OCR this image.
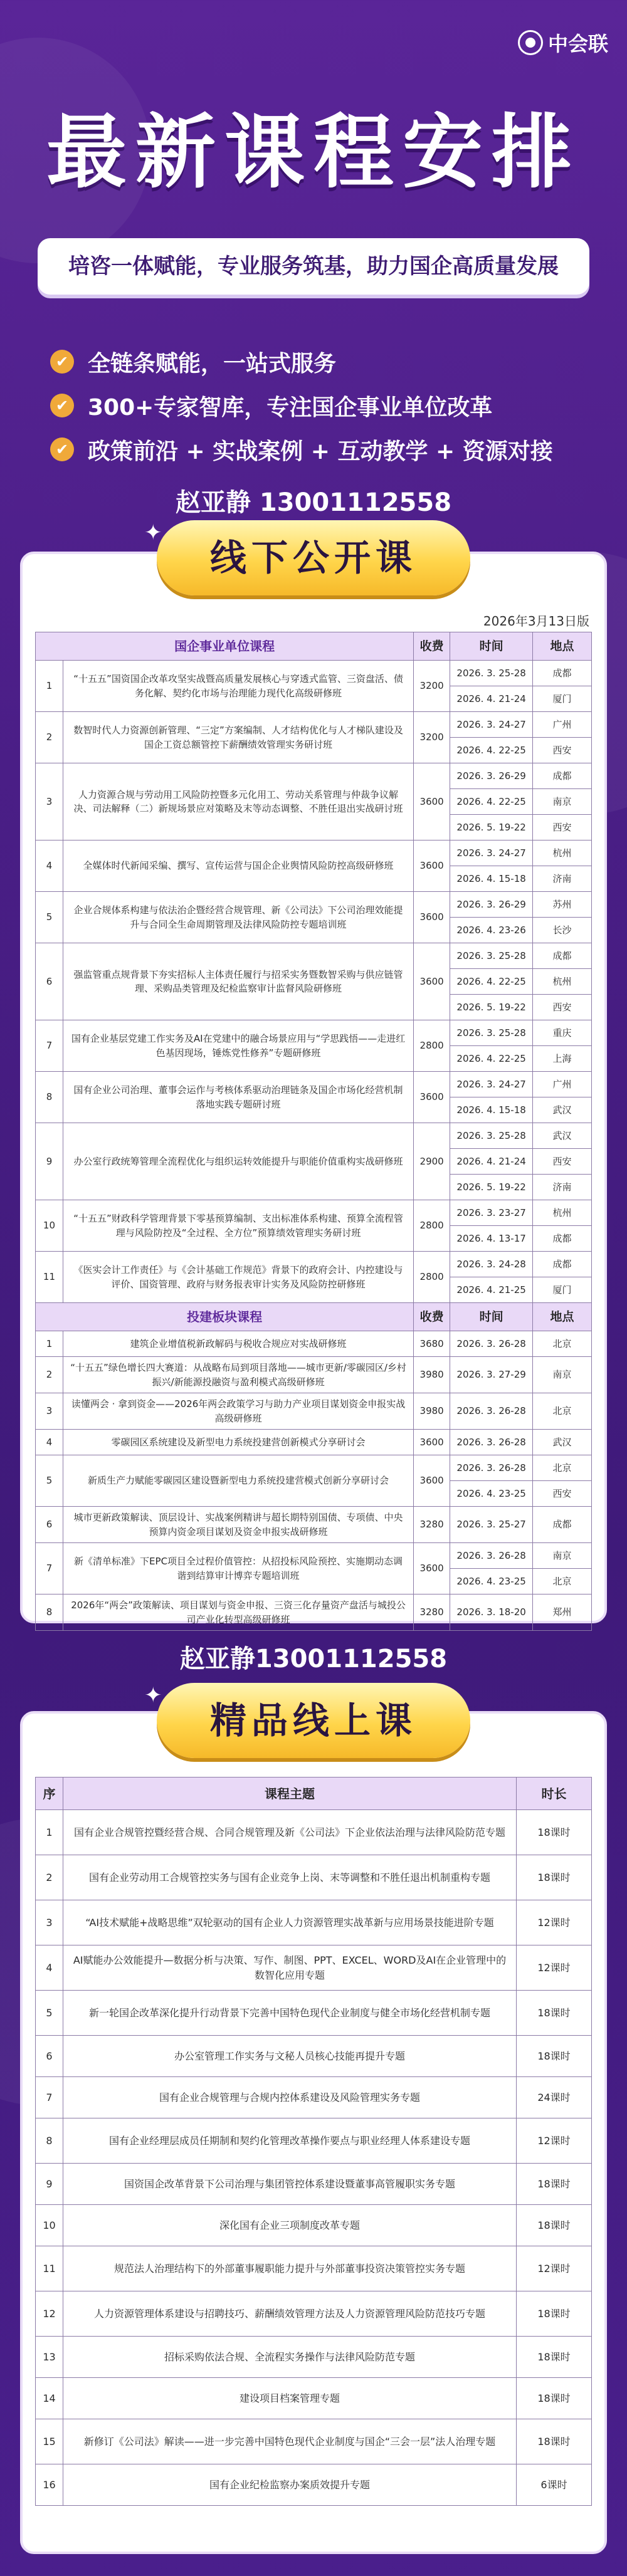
中会联
最新课程安排
培咨一体赋能，专业服务筑基，助力国企高质量发展
✔ 全链条赋能，一站式服务
✔ 300+专家智库，专注国企事业单位改革
✔ 政策前沿 + 实战案例 + 互动教学 + 资源对接
赵亚静 13001112558
线下公开课
✦
✦
2026年3月13日版
国企事业单位课程		收费	时间	地点
1	“十五五”国资国企改革攻坚实战暨高质量发展核心与穿透式监管、三资盘活、债务化解、契约化市场与治理能力现代化高级研修班	3200	2026. 3. 25-28	成都
			2026. 4. 21-24	厦门
2	数智时代人力资源创新管理、“三定”方案编制、人才结构优化与人才梯队建设及国企工资总额管控下薪酬绩效管理实务研讨班	3200	2026. 3. 24-27	广州
			2026. 4. 22-25	西安
3	人力资源合规与劳动用工风险防控暨多元化用工、劳动关系管理与仲裁争议解决、司法解释（二）新规场景应对策略及末等动态调整、不胜任退出实战研讨班	3600	2026. 3. 26-29	成都
			2026. 4. 22-25	南京
			2026. 5. 19-22	西安
4	全媒体时代新闻采编、撰写、宣传运营与国企企业舆情风险防控高级研修班	3600	2026. 3. 24-27	杭州
			2026. 4. 15-18	济南
5	企业合规体系构建与依法治企暨经营合规管理、新《公司法》下公司治理效能提升与合同全生命周期管理及法律风险防控专题培训班	3600	2026. 3. 26-29	苏州
			2026. 4. 23-26	长沙
6	强监管重点规背景下夯实招标人主体责任履行与招采实务暨数智采购与供应链管理、采购品类管理及纪检监察审计监督风险研修班	3600	2026. 3. 25-28	成都
			2026. 4. 22-25	杭州
			2026. 5. 19-22	西安
7	国有企业基层党建工作实务及AI在党建中的融合场景应用与“学思践悟——走进红色基因现场，锤炼党性修养”专题研修班	2800	2026. 3. 25-28	重庆
			2026. 4. 22-25	上海
8	国有企业公司治理、董事会运作与考核体系驱动治理链条及国企市场化经营机制落地实践专题研讨班	3600	2026. 3. 24-27	广州
			2026. 4. 15-18	武汉
9	办公室行政统筹管理全流程优化与组织运转效能提升与职能价值重构实战研修班	2900	2026. 3. 25-28	武汉
			2026. 4. 21-24	西安
			2026. 5. 19-22	济南
10	“十五五”财政科学管理背景下零基预算编制、支出标准体系构建、预算全流程管理与风险防控及“全过程、全方位”预算绩效管理实务研讨班	2800	2026. 3. 23-27	杭州
			2026. 4. 13-17	成都
11	《医实会计工作责任》与《会计基础工作规范》背景下的政府会计、内控建设与评价、国资管理、政府与财务报表审计实务及风险防控研修班	2800	2026. 3. 24-28	成都
			2026. 4. 21-25	厦门
投建板块课程		收费	时间	地点
1	建筑企业增值税新政解码与税收合规应对实战研修班	3680	2026. 3. 26-28	北京
2	“十五五”绿色增长四大赛道：从战略布局到项目落地——城市更新/零碳园区/乡村振兴/新能源投融资与盈利模式高级研修班	3980	2026. 3. 27-29	南京
3	读懂两会 · 拿到资金——2026年两会政策学习与助力产业项目谋划资金申报实战高级研修班	3980	2026. 3. 26-28	北京
4	零碳园区系统建设及新型电力系统投建营创新模式分享研讨会	3600	2026. 3. 26-28	武汉
5	新质生产力赋能零碳园区建设暨新型电力系统投建营模式创新分享研讨会	3600	2026. 3. 26-28	北京
			2026. 4. 23-25	西安
6	城市更新政策解读、顶层设计、实战案例精讲与超长期特别国债、专项债、中央预算内资金项目谋划及资金申报实战研修班	3280	2026. 3. 25-27	成都
7	新《清单标准》下EPC项目全过程价值管控：从招投标风险预控、实施期动态调谐到结算审计博弈专题培训班	3600	2026. 3. 26-28	南京
			2026. 4. 23-25	北京
8	2026年“两会”政策解读、项目谋划与资金申报、三资三化存量资产盘活与城投公司产业化转型高级研修班	3280	2026. 3. 18-20	郑州
赵亚静13001112558
精品线上课
✦
✦
序	课程主题	时长
1	国有企业合规管控暨经营合规、合同合规管理及新《公司法》下企业依法治理与法律风险防范专题	18课时
2	国有企业劳动用工合规管控实务与国有企业竞争上岗、末等调整和不胜任退出机制重构专题	18课时
3	“AI技术赋能+战略思维”双轮驱动的国有企业人力资源管理实战革新与应用场景技能进阶专题	12课时
4	AI赋能办公效能提升—数据分析与决策、写作、制图、PPT、EXCEL、WORD及AI在企业管理中的数智化应用专题	12课时
5	新一轮国企改革深化提升行动背景下完善中国特色现代企业制度与健全市场化经营机制专题	18课时
6	办公室管理工作实务与文秘人员核心技能再提升专题	18课时
7	国有企业合规管理与合规内控体系建设及风险管理实务专题	24课时
8	国有企业经理层成员任期制和契约化管理改革操作要点与职业经理人体系建设专题	12课时
9	国资国企改革背景下公司治理与集团管控体系建设暨董事高管履职实务专题	18课时
10	深化国有企业三项制度改革专题	18课时
11	规范法人治理结构下的外部董事履职能力提升与外部董事投资决策管控实务专题	12课时
12	人力资源管理体系建设与招聘技巧、薪酬绩效管理方法及人力资源管理风险防范技巧专题	18课时
13	招标采购依法合规、全流程实务操作与法律风险防范专题	18课时
14	建设项目档案管理专题	18课时
15	新修订《公司法》解读——进一步完善中国特色现代企业制度与国企“三会一层”法人治理专题	18课时
16	国有企业纪检监察办案质效提升专题	6课时
